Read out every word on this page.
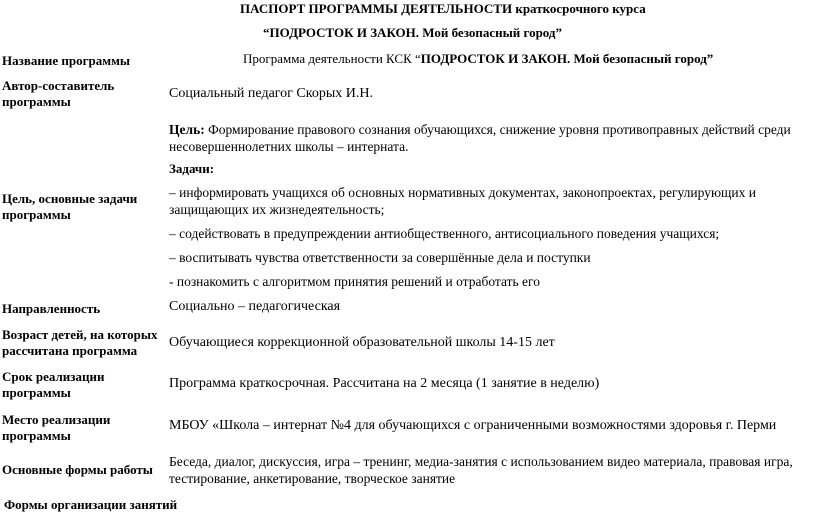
ПАСПОРТ ПРОГРАММЫ ДЕЯТЕЛЬНОСТИ краткосрочного курса
“ПОДРОСТОК И ЗАКОН. Мой безопасный город”
Название программы	Программа деятельности КСК “ПОДРОСТОК И ЗАКОН. Мой безопасный город”
Автор-составитель программы
Социальный педагог Скорых И.Н.
Цель: Формирование правового сознания обучающихся, снижение уровня противоправных действий среди несовершеннолетних школы – интерната.
Задачи:
Цель, основные задачи программы
– информировать учащихся об основных нормативных документах, законопроектах, регулирующих и защищающих их жизнедеятельность;
– содействовать в предупреждении антиобщественного, антисоциального поведения учащихся;
– воспитывать чувства ответственности за совершённые дела и поступки
- познакомить с алгоритмом принятия решений и отработать его
Направленность	Социально – педагогическая
Возраст детей, на которых рассчитана программа
Обучающиеся коррекционной образовательной школы 14-15 лет
Срок реализации программы
Программа краткосрочная. Рассчитана на 2 месяца (1 занятие в неделю)
Место реализации программы
МБОУ «Школа – интернат №4 для обучающихся с ограниченными возможностями здоровья г. Перми
Основные формы работы
Беседа, диалог, дискуссия, игра – тренинг, медиа-занятия с использованием видео материала, правовая игра, тестирование, анкетирование, творческое занятие
Формы организации занятий
